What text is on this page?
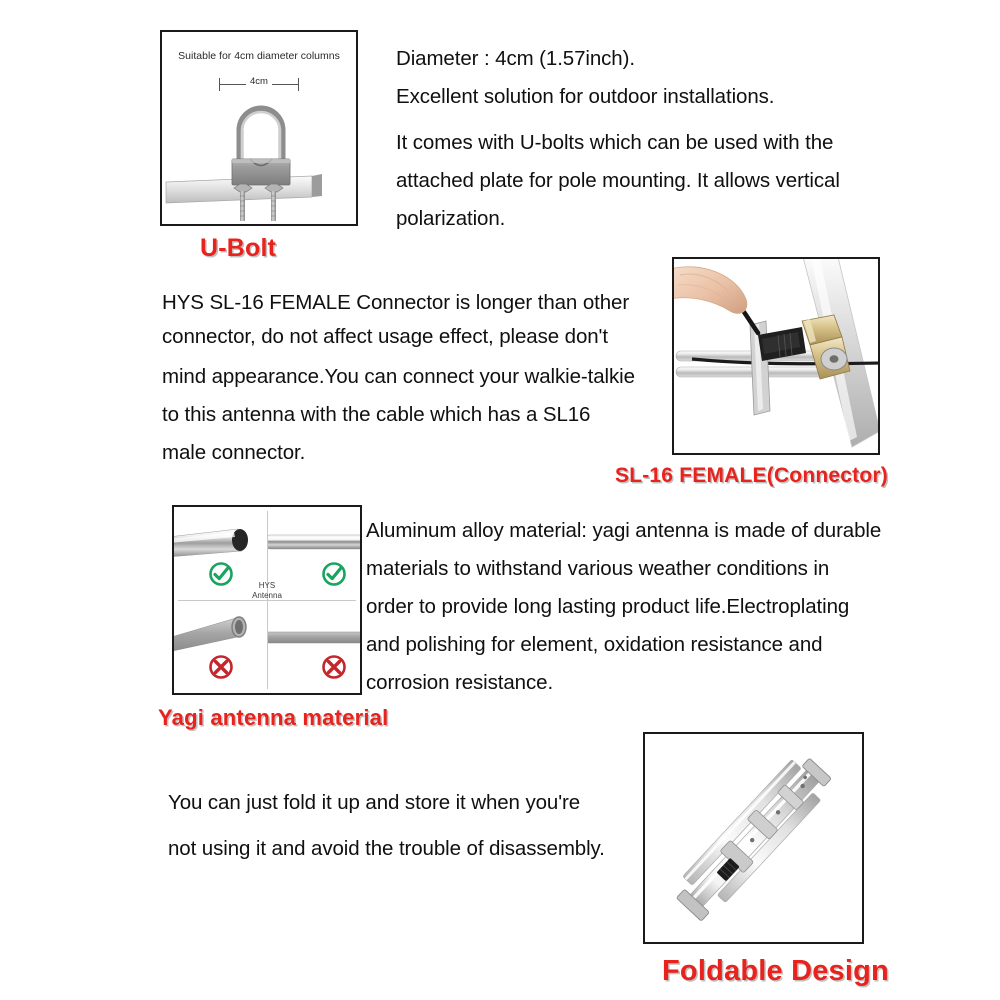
Suitable for 4cm diameter columns
4cm
U-Bolt
Diameter : 4cm (1.57inch).
Excellent solution for outdoor installations.
It comes with U-bolts which can be used with the
attached plate for pole mounting. It allows vertical
polarization.
HYS SL-16 FEMALE Connector is longer than other
connector, do not affect usage effect, please don't
mind appearance.You can connect your walkie-talkie
to this antenna with the cable which has a SL16
male connector.
SL-16 FEMALE(Connector)
HYS
Antenna
Yagi antenna material
Aluminum alloy material: yagi antenna is made of durable
materials to withstand various weather conditions in
order to provide long lasting product life.Electroplating
and polishing for element, oxidation resistance and
corrosion resistance.
You can just fold it up and store it when you're
not using it and avoid the trouble of disassembly.
Foldable Design
